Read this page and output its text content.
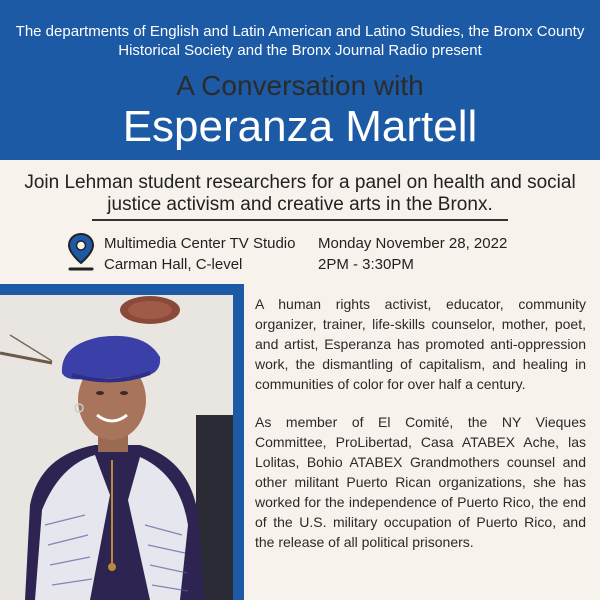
The departments of English and Latin American and Latino Studies, the Bronx County Historical Society and the Bronx Journal Radio present
A Conversation with
Esperanza Martell
Join Lehman student researchers for a panel on health and social justice activism and creative arts in the Bronx.
Multimedia Center TV Studio
Carman Hall, C-level
Monday November 28, 2022
2PM - 3:30PM

A human rights activist, educator, community organizer, trainer, life-skills counselor, mother, poet, and artist, Esperanza has promoted anti-oppression work, the dismantling of capitalism, and healing in communities of color for over half a century.

As member of El Comité, the NY Vieques Committee, ProLibertad, Casa ATABEX Ache, las Lolitas, Bohio ATABEX Grandmothers counsel and other militant Puerto Rican organizations, she has worked for the independence of Puerto Rico, the end of the U.S. military occupation of Puerto Rico, and the release of all political prisoners.
